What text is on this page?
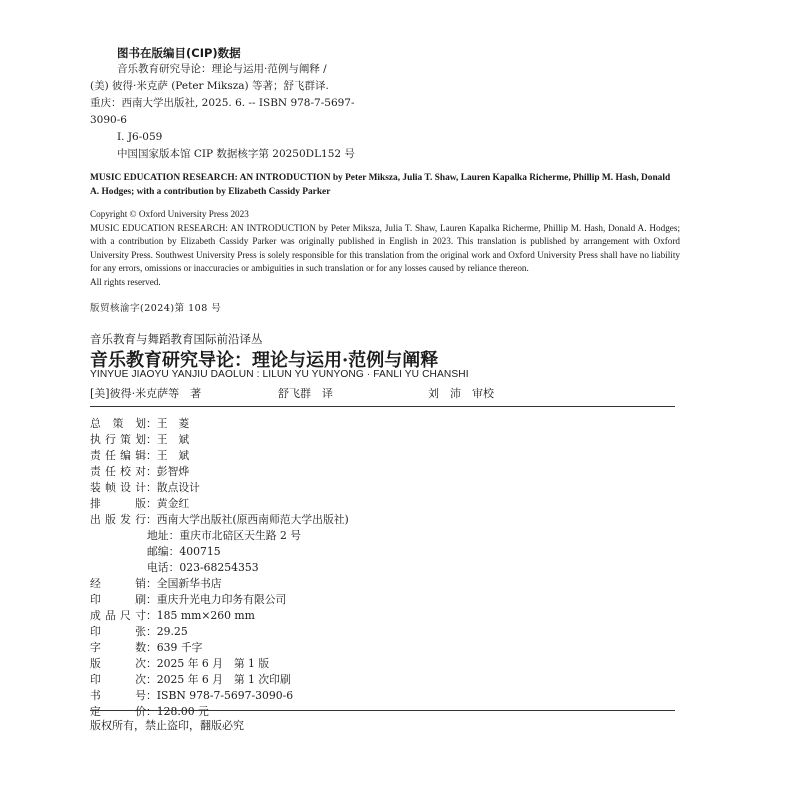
图书在版编目(CIP)数据
音乐教育研究导论：理论与运用·范例与阐释 /
(美) 彼得·米克萨 (Peter Miksza) 等著；舒飞群译.
重庆：西南大学出版社, 2025. 6. -- ISBN 978-7-5697-
3090-6
Ⅰ. J6-059
中国国家版本馆 CIP 数据核字第 20250DL152 号
MUSIC EDUCATION RESEARCH: AN INTRODUCTION by Peter Miksza, Julia T. Shaw, Lauren Kapalka Richerme, Phillip M. Hash, Donald A. Hodges; with a contribution by Elizabeth Cassidy Parker

Copyright © Oxford University Press 2023

MUSIC EDUCATION RESEARCH: AN INTRODUCTION by Peter Miksza, Julia T. Shaw, Lauren Kapalka Richerme, Phillip M. Hash, Donald A. Hodges; with a contribution by Elizabeth Cassidy Parker was originally published in English in 2023. This translation is published by arrangement with Oxford University Press. Southwest University Press is solely responsible for this translation from the original work and Oxford University Press shall have no liability for any errors, omissions or inaccuracies or ambiguities in such translation or for any losses caused by reliance thereon.

All rights reserved.

版贸核渝字(2024)第 108 号
音乐教育与舞蹈教育国际前沿译丛
音乐教育研究导论：理论与运用·范例与阐释
YINYUE JIAOYU YANJIU DAOLUN : LILUN YU YUNYONG · FANLI YU CHANSHI
[美]彼得·米克萨等　著	舒飞群　译	刘　沛　审校
总策划：王　菱
执行策划：王　斌
责任编辑：王　斌
责任校对：彭智烨
装帧设计：散点设计
排版：黄金红
出版发行：西南大学出版社(原西南师范大学出版社)
地址：重庆市北碚区天生路 2 号
邮编：400715
电话：023-68254353
经销：全国新华书店
印刷：重庆升光电力印务有限公司
成品尺寸：185 mm×260 mm
印张：29.25
字数：639 千字
版次：2025 年 6 月　第 1 版
印次：2025 年 6 月　第 1 次印刷
书号：ISBN 978-7-5697-3090-6
定价：128.00 元
版权所有，禁止盗印，翻版必究
